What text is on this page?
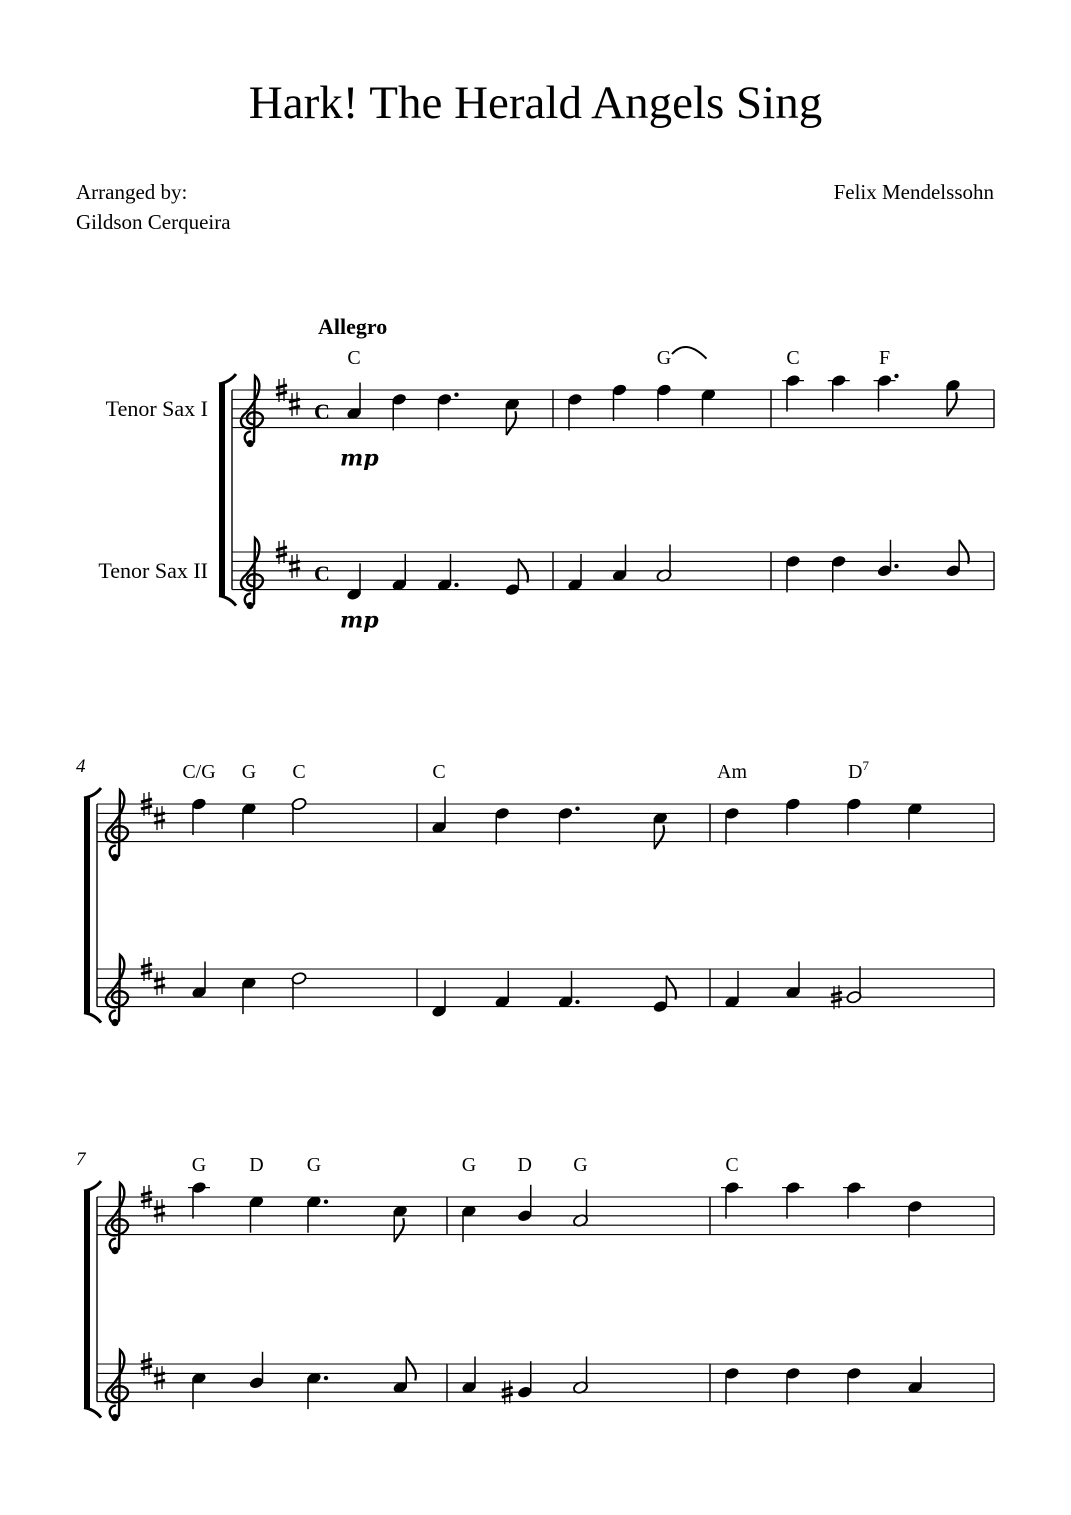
Hark! The Herald Angels Sing
Arranged by:
Gildson Cerqueira
Felix Mendelssohn
C
C
Tenor Sax I
Tenor Sax II
Allegro
C
mp
mp
G	C	F
4	C/G G C	C	Am	$D^7$
7	G D G	G D G	C
